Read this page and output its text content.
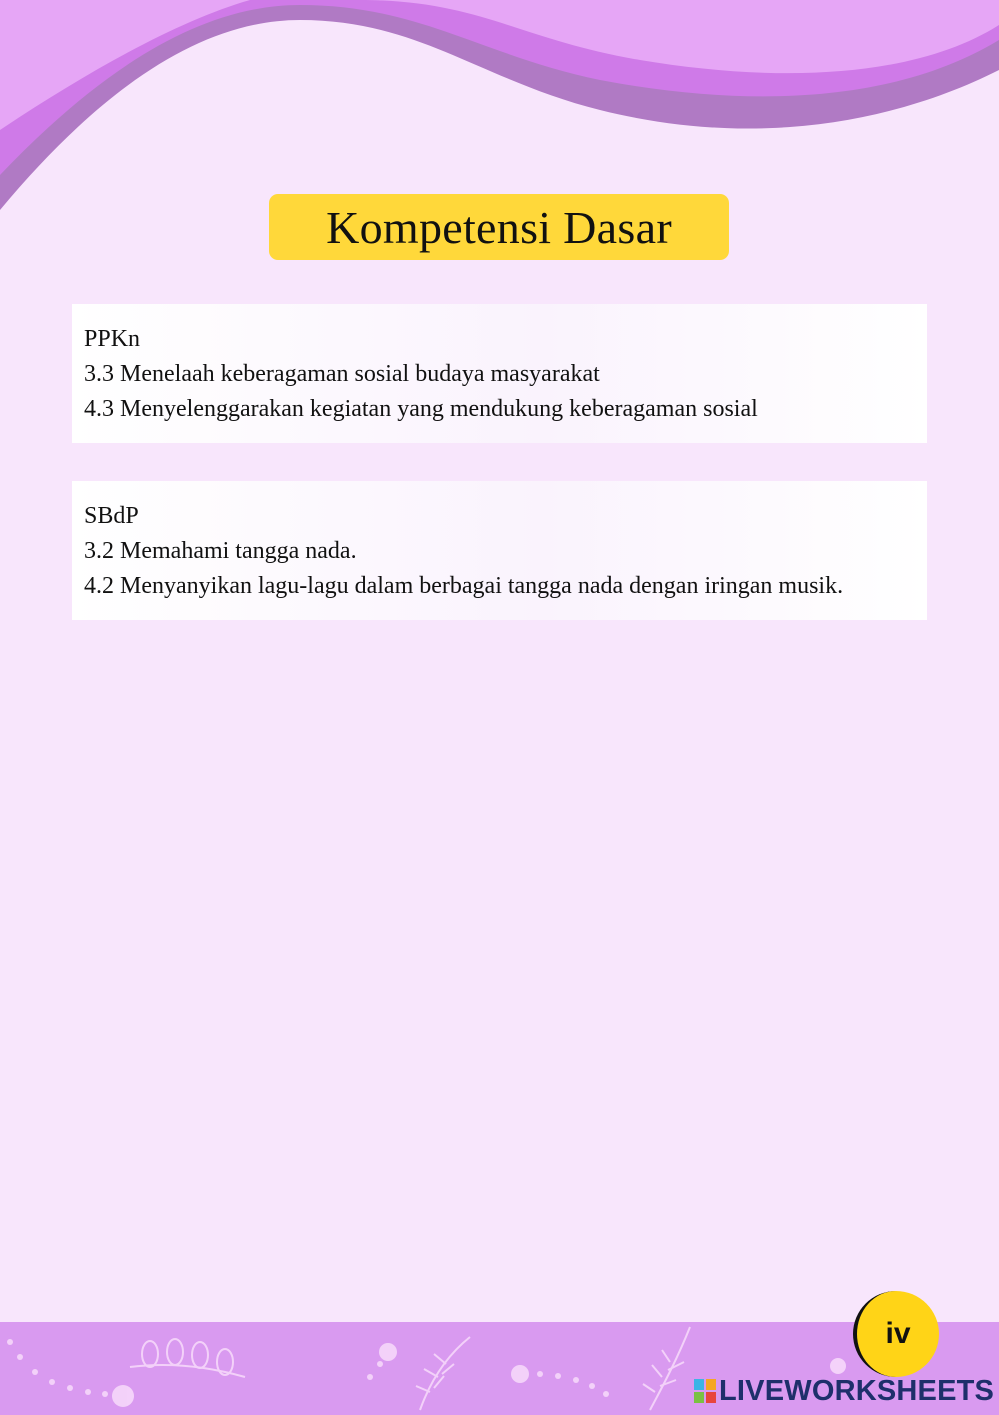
Kompetensi Dasar
PPKn
3.3 Menelaah keberagaman sosial budaya masyarakat
4.3 Menyelenggarakan kegiatan yang mendukung keberagaman sosial
SBdP
3.2 Memahami tangga nada.
4.2 Menyanyikan lagu-lagu dalam berbagai tangga nada dengan iringan musik.
iv
LIVEWORKSHEETS
